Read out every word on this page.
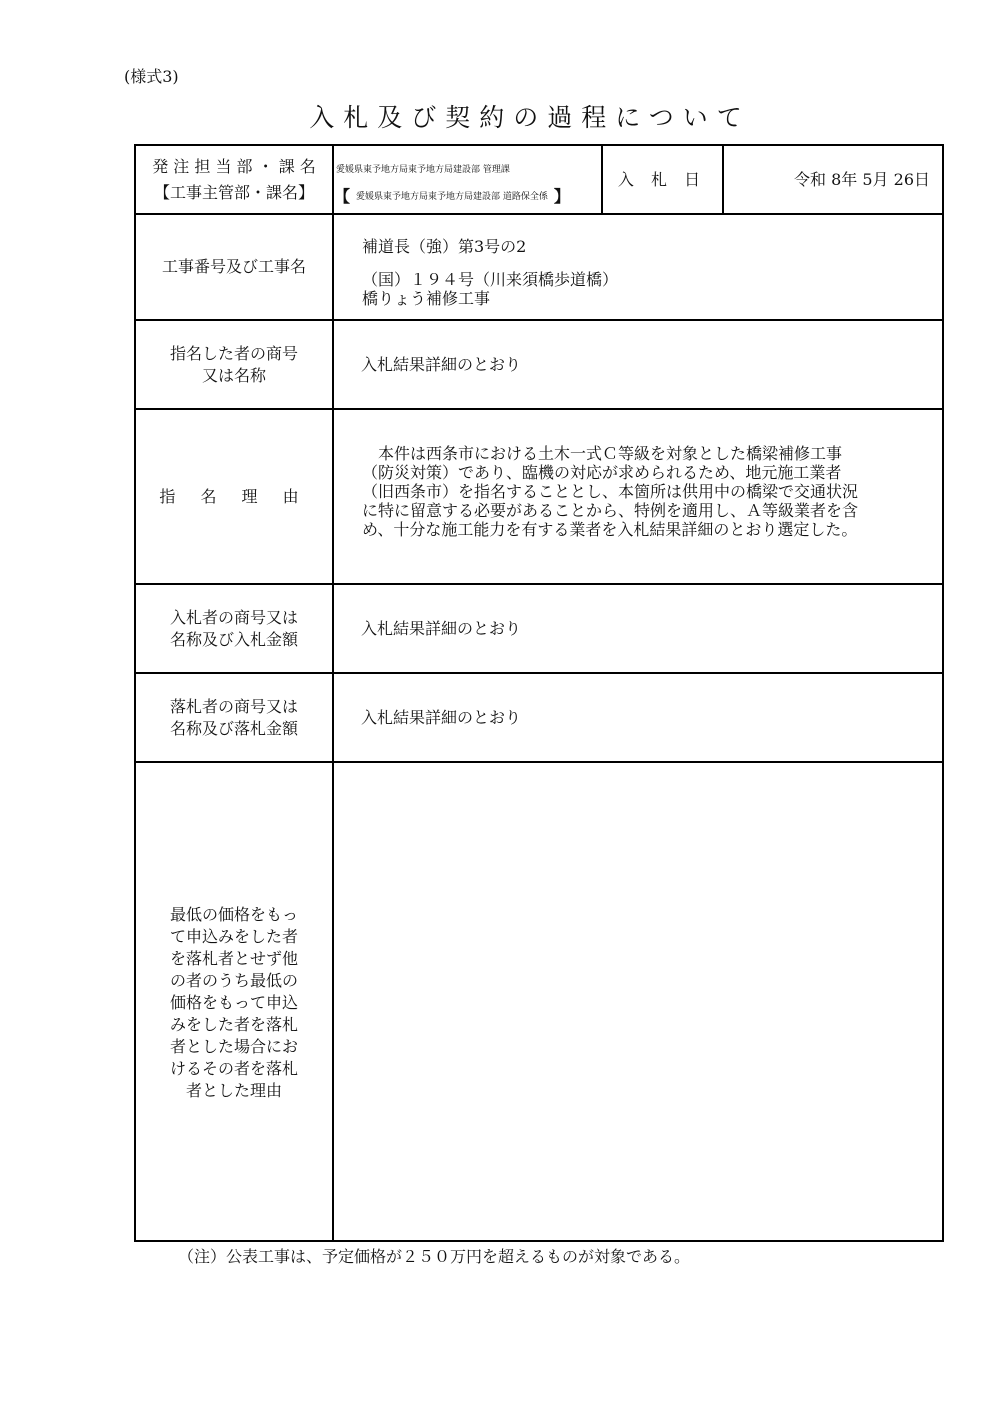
(様式3)
入札及び契約の過程について
発 注 担 当 部 ・ 課 名
【工事主管部・課名】
愛媛県東予地方局東予地方局建設部 管理課
【 愛媛県東予地方局東予地方局建設部 道路保全係 】
入 札 日	令和 8年 5月 26日
工事番号及び工事名
補道長（強）第3号の2
（国）１９４号（川来須橋歩道橋）
橋りょう補修工事
指名した者の商号
又は名称
入札結果詳細のとおり
指 名 理 由

　本件は西条市における土木一式Ｃ等級を対象とした橋梁補修工事

（防災対策）であり、臨機の対応が求められるため、地元施工業者

（旧西条市）を指名することとし、本箇所は供用中の橋梁で交通状況

に特に留意する必要があることから、特例を適用し、Ａ等級業者を含

め、十分な施工能力を有する業者を入札結果詳細のとおり選定した。

入札者の商号又は
名称及び入札金額
入札結果詳細のとおり
落札者の商号又は
名称及び落札金額
入札結果詳細のとおり
最低の価格をもっ
て申込みをした者
を落札者とせず他
の者のうち最低の
価格をもって申込
みをした者を落札
者とした場合にお
けるその者を落札
者とした理由
（注）公表工事は、予定価格が２５０万円を超えるものが対象である。
